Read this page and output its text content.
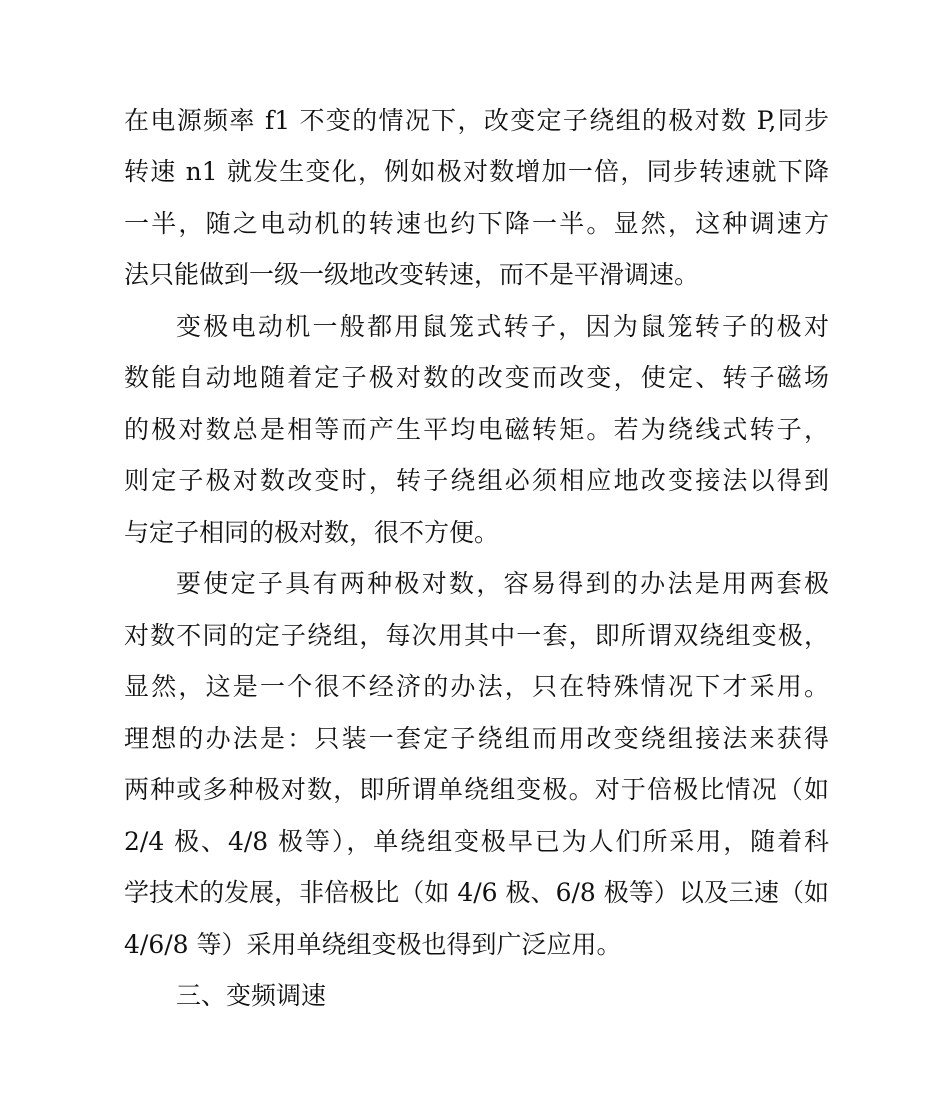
在电源频率 f1 不变的情况下，改变定子绕组的极对数 P,同步
转速 n1 就发生变化，例如极对数增加一倍，同步转速就下降
一半，随之电动机的转速也约下降一半。显然，这种调速方
法只能做到一级一级地改变转速，而不是平滑调速。
变极电动机一般都用鼠笼式转子，因为鼠笼转子的极对
数能自动地随着定子极对数的改变而改变，使定、转子磁场
的极对数总是相等而产生平均电磁转矩。若为绕线式转子，
则定子极对数改变时，转子绕组必须相应地改变接法以得到
与定子相同的极对数，很不方便。
要使定子具有两种极对数，容易得到的办法是用两套极
对数不同的定子绕组，每次用其中一套，即所谓双绕组变极，
显然，这是一个很不经济的办法，只在特殊情况下才采用。
理想的办法是：只装一套定子绕组而用改变绕组接法来获得
两种或多种极对数，即所谓单绕组变极。对于倍极比情况（如
2/4 极、4/8 极等），单绕组变极早已为人们所采用，随着科
学技术的发展，非倍极比（如 4/6 极、6/8 极等）以及三速（如
4/6/8 等）采用单绕组变极也得到广泛应用。
三、变频调速
